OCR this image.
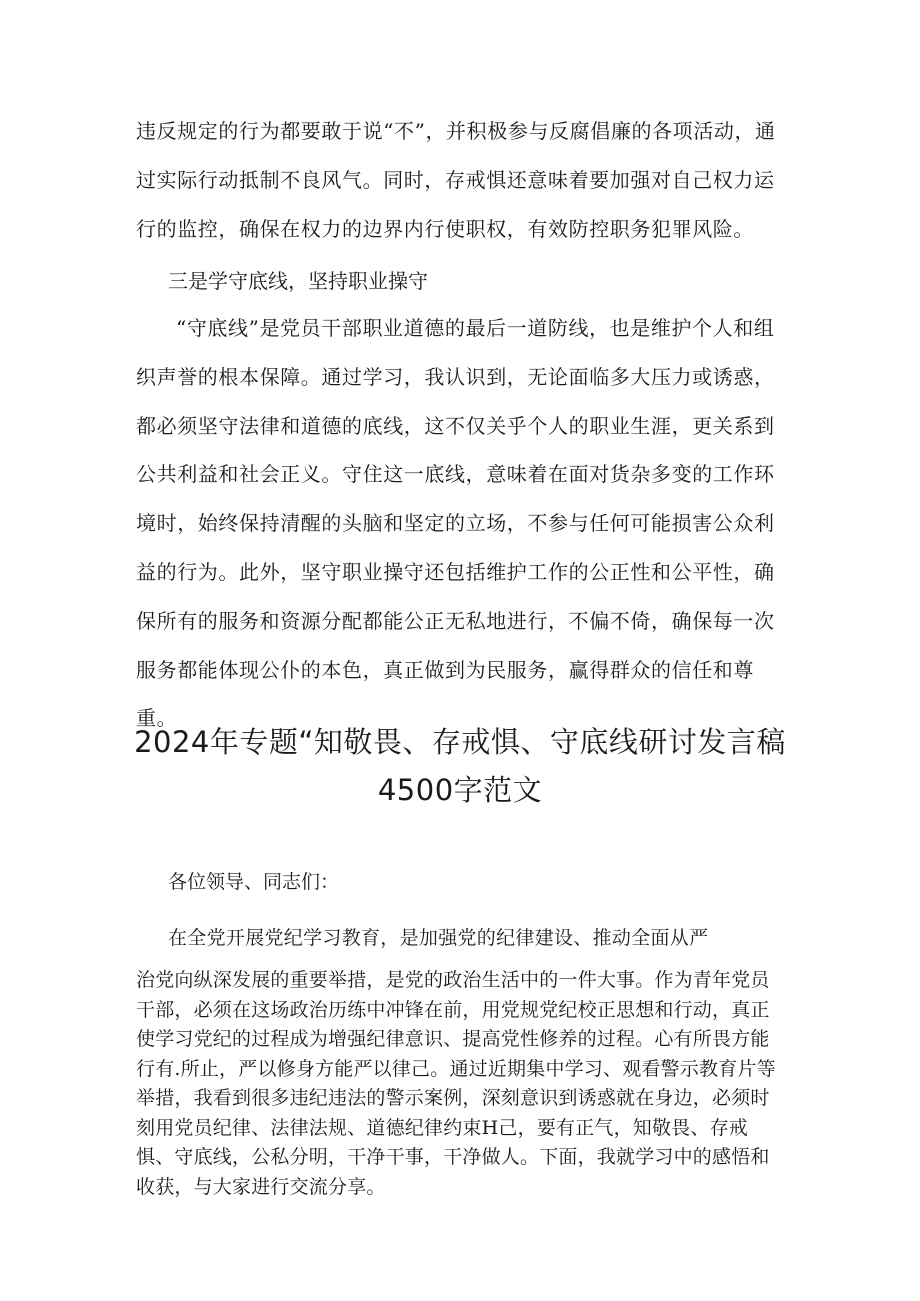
违反规定的行为都要敢于说“不”，并积极参与反腐倡廉的各项活动，通过实际行动抵制不良风气。同时，存戒惧还意味着要加强对自己权力运行的监控，确保在权力的边界内行使职权，有效防控职务犯罪风险。

三是学守底线，坚持职业操守

“守底线”是党员干部职业道德的最后一道防线，也是维护个人和组织声誉的根本保障。通过学习，我认识到，无论面临多大压力或诱惑，都必须坚守法律和道德的底线，这不仅关乎个人的职业生涯，更关系到公共利益和社会正义。守住这一底线，意味着在面对货杂多变的工作环境时，始终保持清醒的头脑和坚定的立场，不参与任何可能损害公众利益的行为。此外，坚守职业操守还包括维护工作的公正性和公平性，确保所有的服务和资源分配都能公正无私地进行，不偏不倚，确保每一次服务都能体现公仆的本色，真正做到为民服务，赢得群众的信任和尊重。

2024年专题“知敬畏、存戒惧、守底线研讨发言稿4500字范文

各位领导、同志们：

在全党开展党纪学习教育，是加强党的纪律建设、推动全面从严

治党向纵深发展的重要举措，是党的政治生活中的一件大事。作为青年党员干部，必须在这场政治历练中冲锋在前，用党规党纪校正思想和行动，真正使学习党纪的过程成为增强纪律意识、提高党性修养的过程。心有所畏方能行有.所止，严以修身方能严以律己。通过近期集中学习、观看警示教育片等举措，我看到很多违纪违法的警示案例，深刻意识到诱惑就在身边，必须时刻用党员纪律、法律法规、道德纪律约束H己，要有正气，知敬畏、存戒惧、守底线，公私分明，干净干事，干净做人。下面，我就学习中的感悟和收获，与大家进行交流分享。
